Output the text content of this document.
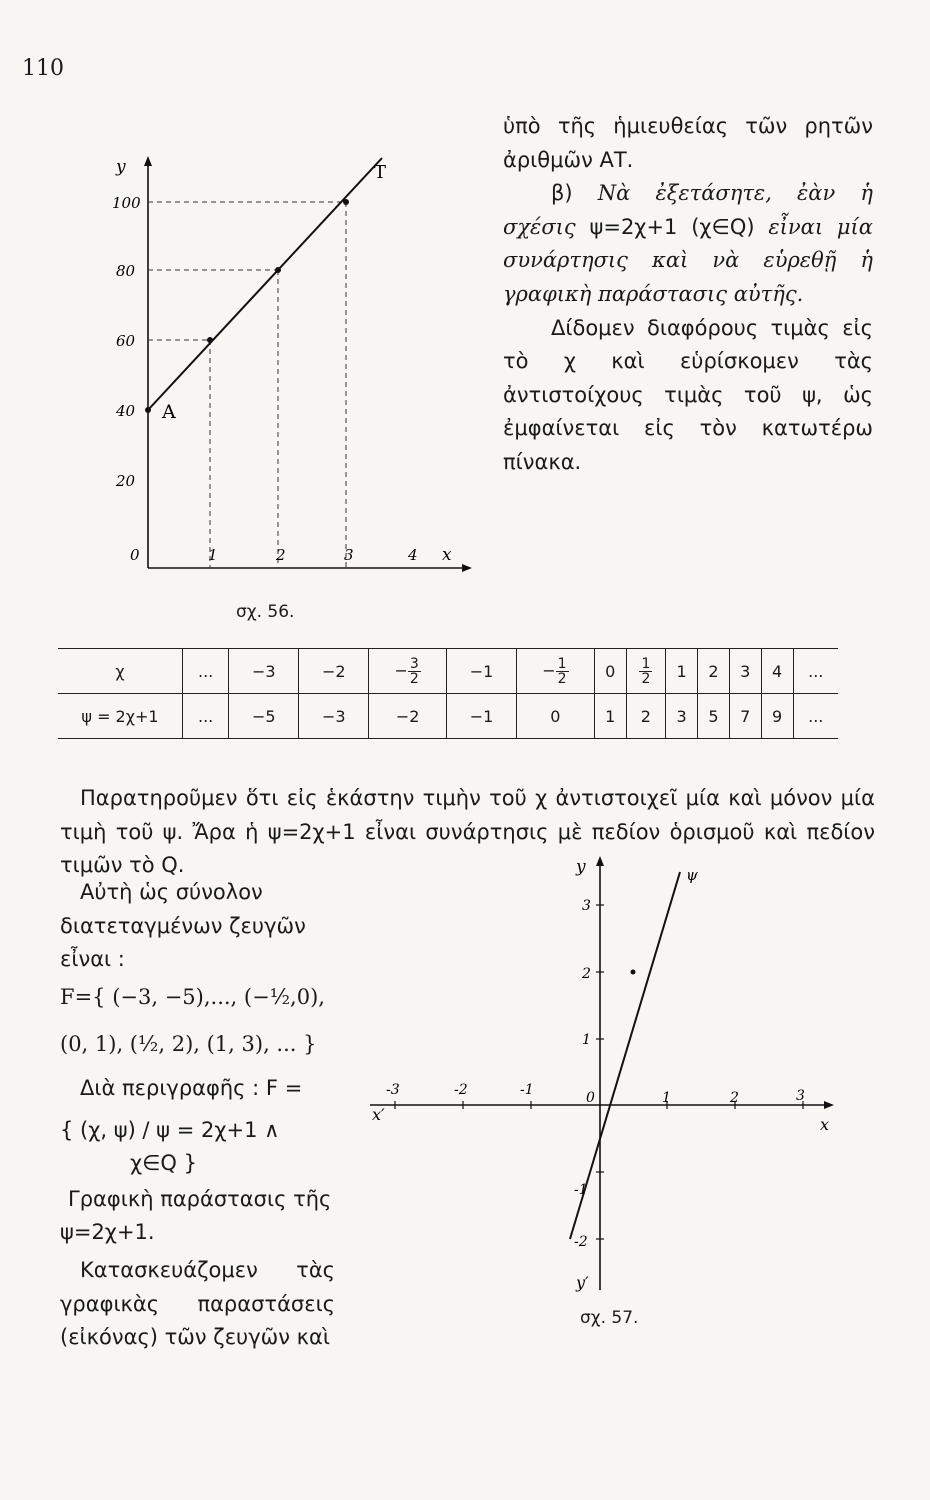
110
y
100
80
60
40
20
0
A
T
1	2	3	4 x
σχ. 56.
ὑπὸ τῆς ἡμιευθείας τῶν ρητῶν ἀριθμῶν ΑΤ.
β) Νὰ ἐξετάσητε, ἐὰν ἡ σχέσις ψ=2χ+1 (χ∈Q) εἶναι μία συνάρτησις καὶ νὰ εὑρεθῇ ἡ γραφικὴ παράστασις αὐτῆς.
Δίδομεν διαφόρους τιμὰς εἰς τὸ χ καὶ εὑρίσκομεν τὰς ἀντιστοίχους τιμὰς τοῦ ψ, ὡς ἐμφαίνεται εἰς τὸν κατωτέρω πίνακα.
χ	...	−3	−2	− $\frac{3}{2}$	−1	− $\frac{1}{2}$	0	$\frac{1}{2}$	1	2	3	4	...
ψ = 2χ+1	...	−5	−3	−2	−1	0	1	2	3	5	7	9	...
Παρατηροῦμεν ὅτι εἰς ἑκάστην τιμὴν τοῦ χ ἀντιστοιχεῖ μία καὶ μόνον μία τιμὴ τοῦ ψ. Ἄρα ἡ ψ=2χ+1 εἶναι συνάρτησις μὲ πεδίον ὁρισμοῦ καὶ πεδίον τιμῶν τὸ Q.
Αὐτὴ ὡς σύνολον διατεταγμένων ζευγῶν εἶναι :
F={ (−3, −5),..., (−½,0),
(0, 1), (½, 2), (1, 3), ... }
Διὰ περιγραφῆς : F =
{ (χ, ψ) / ψ = 2χ+1 ∧
χ∈Q }
Γραφικὴ παράστασις τῆς
ψ=2χ+1.
Κατασκευάζομεν τὰς γραφικὰς παραστάσεις (εἰκόνας) τῶν ζευγῶν καὶ
y	ψ
3
2
1
-1
-2
0
-3	-2	-1	1	2	3
x′
x
y′
σχ. 57.
